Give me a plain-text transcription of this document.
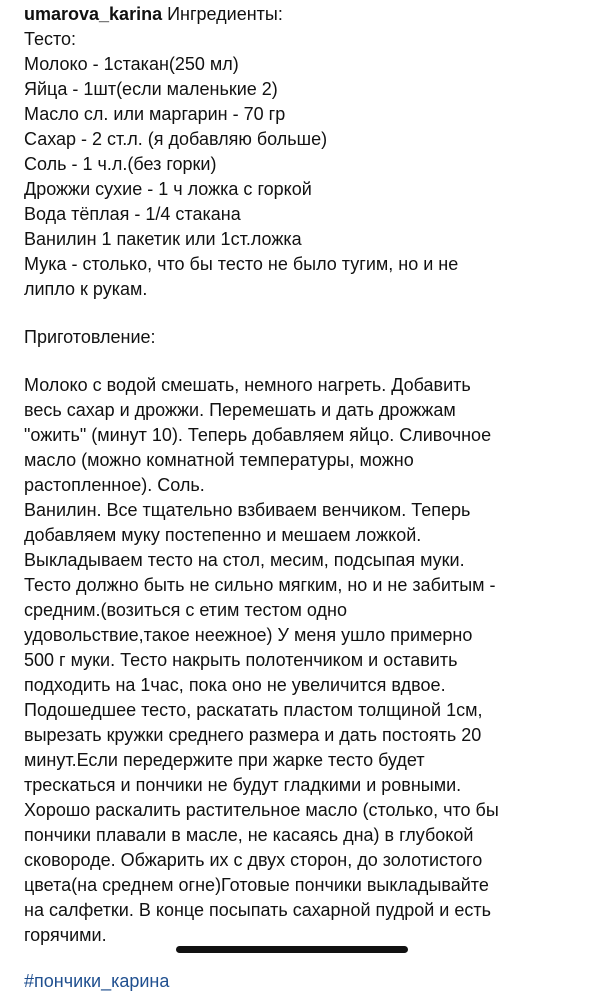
umarova_karina Ингредиенты:
Тесто:
Молоко - 1стакан(250 мл)
Яйца - 1шт(если маленькие 2)
Масло сл. или маргарин - 70 гр
Сахар - 2 ст.л. (я добавляю больше)
Соль - 1 ч.л.(без горки)
Дрожжи сухие - 1 ч ложка с горкой
Вода тёплая - 1/4 стакана
Ванилин 1 пакетик или 1ст.ложка
Мука - столько, что бы тесто не было тугим, но и не
липло к рукам.
Приготовление:
Молоко с водой смешать, немного нагреть. Добавить
весь сахар и дрожжи. Перемешать и дать дрожжам
"ожить" (минут 10). Теперь добавляем яйцо. Сливочное
масло (можно комнатной температуры, можно
растопленное). Соль.
Ванилин. Все тщательно взбиваем венчиком. Теперь
добавляем муку постепенно и мешаем ложкой.
Выкладываем тесто на стол, месим, подсыпая муки.
Тесто должно быть не сильно мягким, но и не забитым -
средним.(возиться с етим тестом одно
удовольствие,такое неежное) У меня ушло примерно
500 г муки. Тесто накрыть полотенчиком и оставить
подходить на 1час, пока оно не увеличится вдвое.
Подошедшее тесто, раскатать пластом толщиной 1см,
вырезать кружки среднего размера и дать постоять 20
минут.Если передержите при жарке тесто будет
трескаться и пончики не будут гладкими и ровными.
Хорошо раскалить растительное масло (столько, что бы
пончики плавали в масле, не касаясь дна) в глубокой
сковороде. Обжарить их с двух сторон, до золотистого
цвета(на среднем огне)Готовые пончики выкладывайте
на салфетки. В конце посыпать сахарной пудрой и есть
горячими.
#пончики_карина
